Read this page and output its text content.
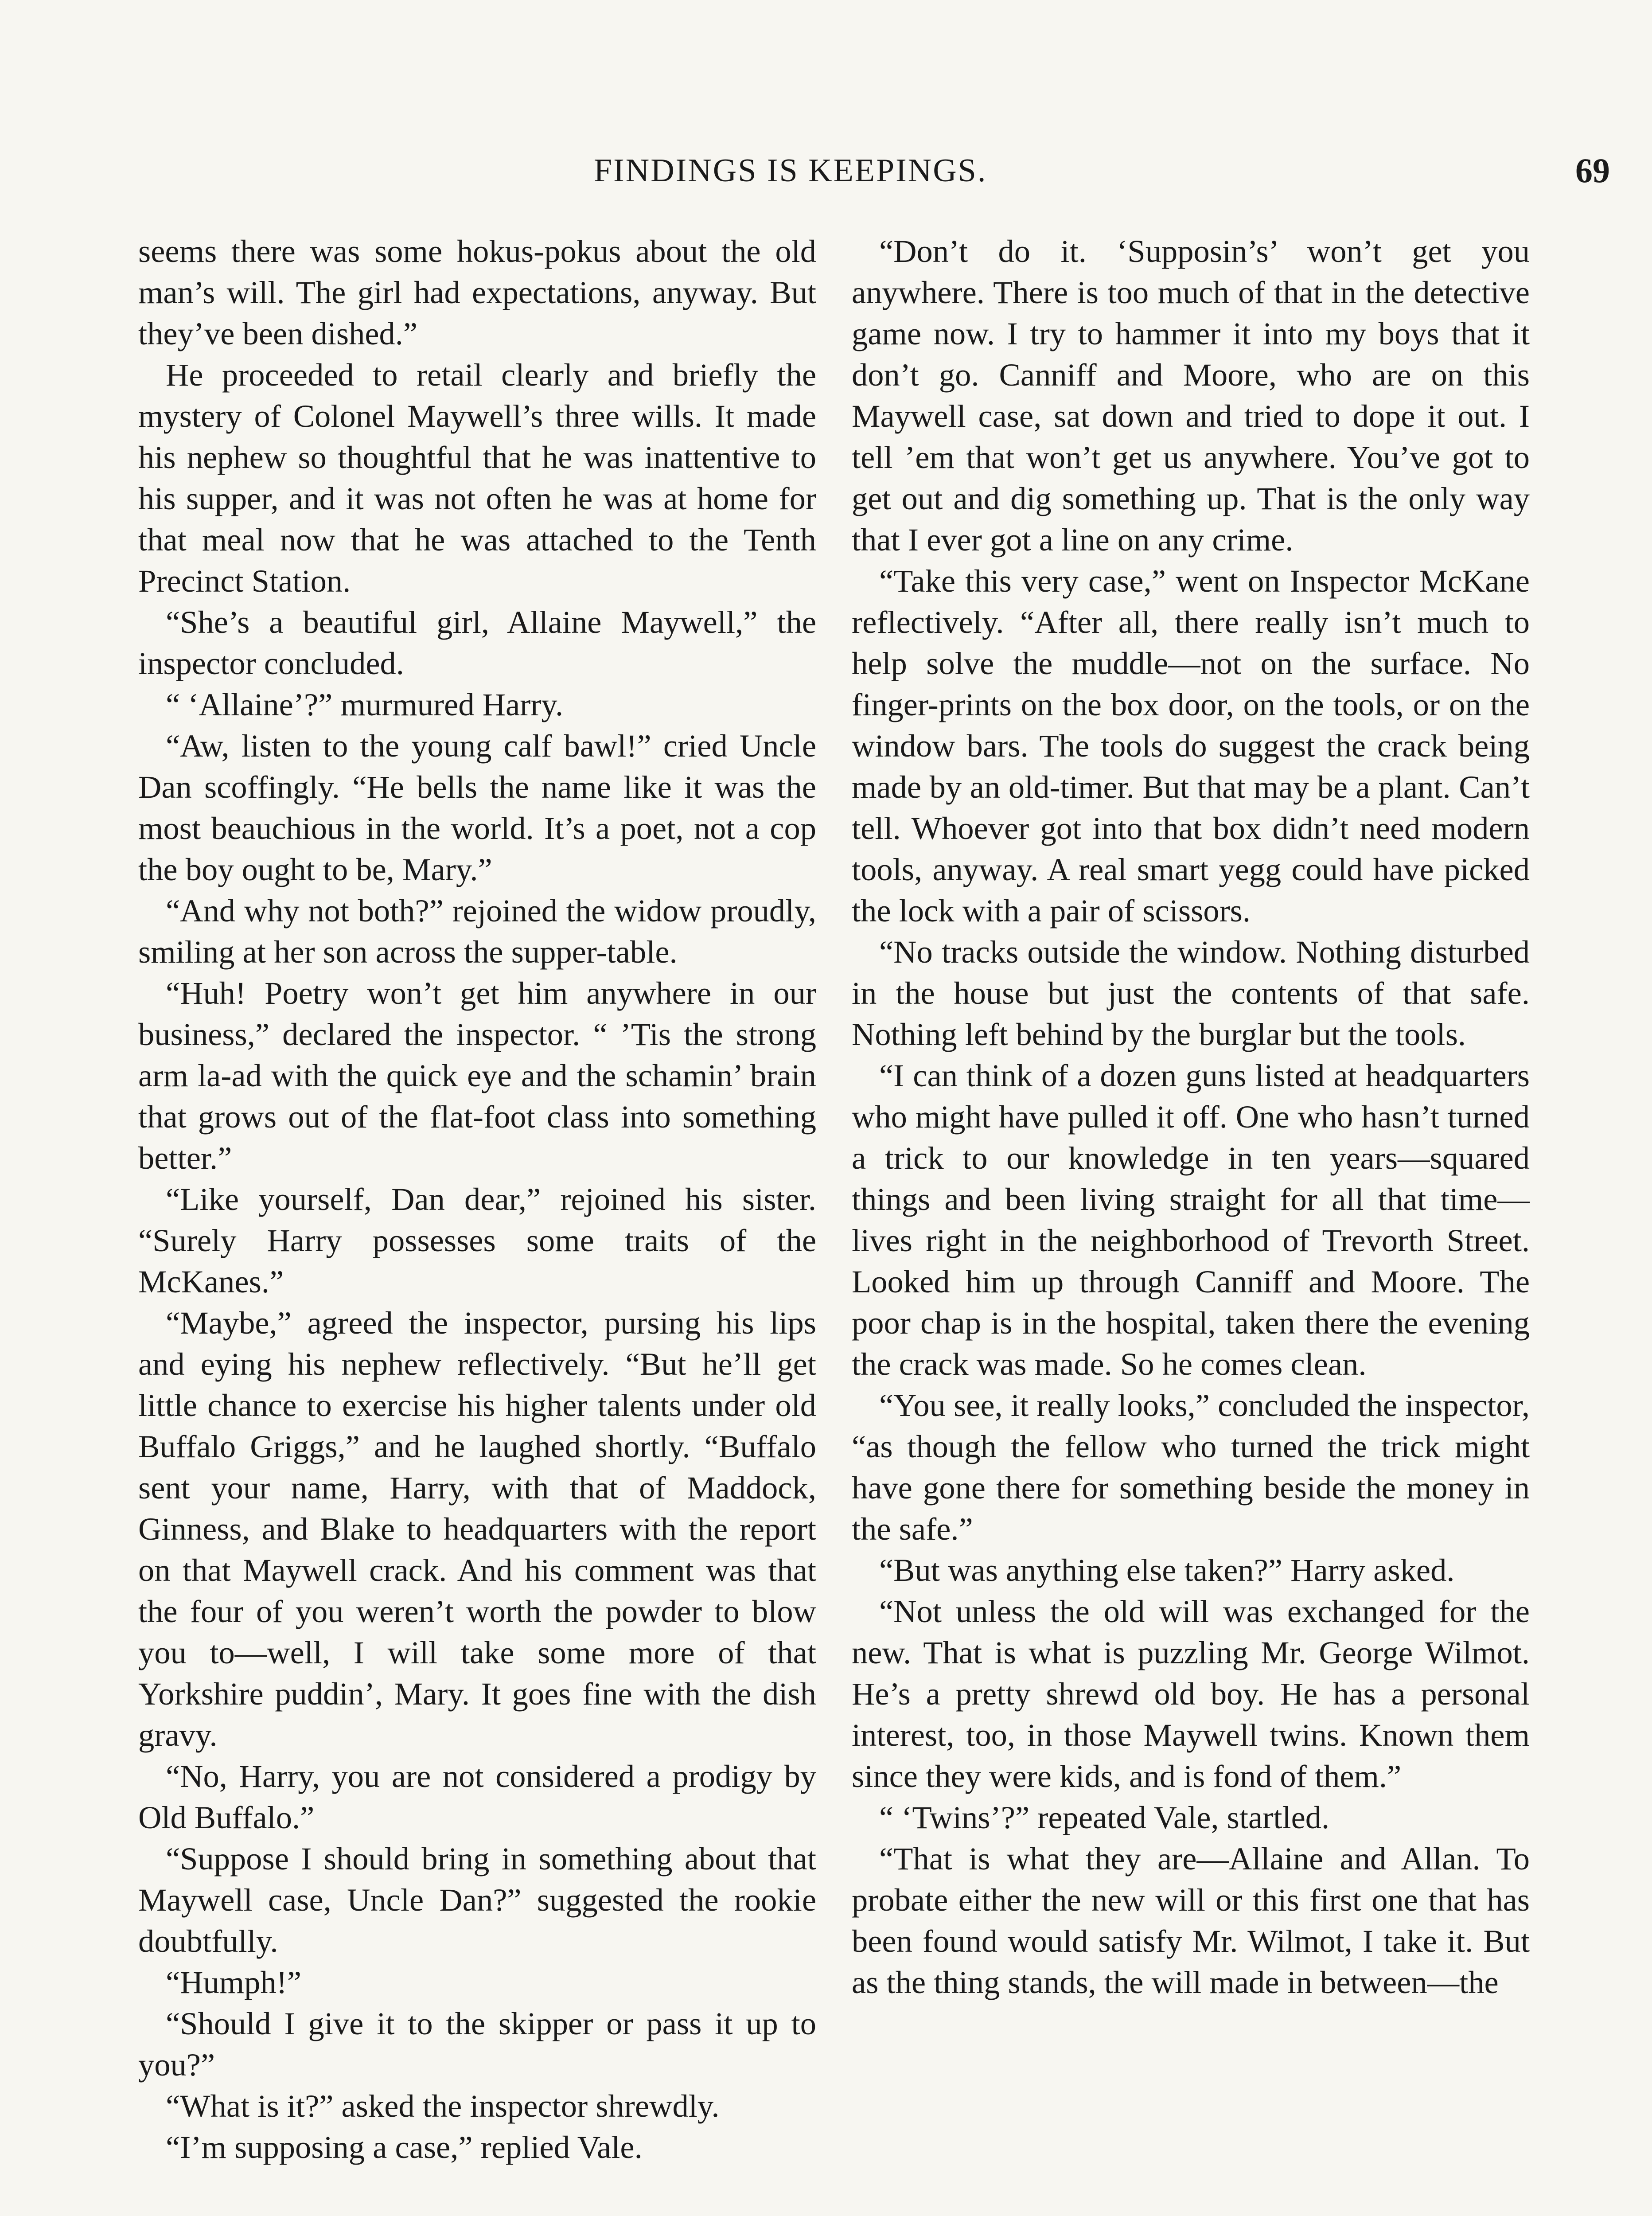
FINDINGS IS KEEPINGS.	69

seems there was some hokus-pokus about the old man’s will. The girl had expectations, anyway. But they’ve been dished.”

He proceeded to retail clearly and briefly the mystery of Colonel Maywell’s three wills. It made his nephew so thoughtful that he was inattentive to his supper, and it was not often he was at home for that meal now that he was attached to the Tenth Precinct Station.

“She’s a beautiful girl, Allaine Maywell,” the inspector concluded.

“ ‘Allaine’?” murmured Harry.

“Aw, listen to the young calf bawl!” cried Uncle Dan scoffingly. “He bells the name like it was the most beauchious in the world. It’s a poet, not a cop the boy ought to be, Mary.”

“And why not both?” rejoined the widow proudly, smiling at her son across the supper-table.

“Huh! Poetry won’t get him anywhere in our business,” declared the inspector. “ ’Tis the strong arm la-ad with the quick eye and the schamin’ brain that grows out of the flat-foot class into something better.”

“Like yourself, Dan dear,” rejoined his sister. “Surely Harry possesses some traits of the McKanes.”

“Maybe,” agreed the inspector, pursing his lips and eying his nephew reflectively. “But he’ll get little chance to exercise his higher talents under old Buffalo Griggs,” and he laughed shortly. “Buffalo sent your name, Harry, with that of Maddock, Ginness, and Blake to headquarters with the report on that Maywell crack. And his comment was that the four of you weren’t worth the powder to blow you to—well, I will take some more of that Yorkshire puddin’, Mary. It goes fine with the dish gravy.

“No, Harry, you are not considered a prodigy by Old Buffalo.”

“Suppose I should bring in something about that Maywell case, Uncle Dan?” suggested the rookie doubtfully.

“Humph!”

“Should I give it to the skipper or pass it up to you?”

“What is it?” asked the inspector shrewdly.

“I’m supposing a case,” replied Vale.

“Don’t do it. ‘Supposin’s’ won’t get you anywhere. There is too much of that in the detective game now. I try to hammer it into my boys that it don’t go. Canniff and Moore, who are on this Maywell case, sat down and tried to dope it out. I tell ’em that won’t get us anywhere. You’ve got to get out and dig something up. That is the only way that I ever got a line on any crime.

“Take this very case,” went on Inspector McKane reflectively. “After all, there really isn’t much to help solve the muddle—not on the surface. No finger-prints on the box door, on the tools, or on the window bars. The tools do suggest the crack being made by an old-timer. But that may be a plant. Can’t tell. Whoever got into that box didn’t need modern tools, anyway. A real smart yegg could have picked the lock with a pair of scissors.

“No tracks outside the window. Nothing disturbed in the house but just the contents of that safe. Nothing left behind by the burglar but the tools.

“I can think of a dozen guns listed at headquarters who might have pulled it off. One who hasn’t turned a trick to our knowledge in ten years—squared things and been living straight for all that time—lives right in the neighborhood of Trevorth Street. Looked him up through Canniff and Moore. The poor chap is in the hospital, taken there the evening the crack was made. So he comes clean.

“You see, it really looks,” concluded the inspector, “as though the fellow who turned the trick might have gone there for something beside the money in the safe.”

“But was anything else taken?” Harry asked.

“Not unless the old will was exchanged for the new. That is what is puzzling Mr. George Wilmot. He’s a pretty shrewd old boy. He has a personal interest, too, in those Maywell twins. Known them since they were kids, and is fond of them.”

“ ‘Twins’?” repeated Vale, startled.

“That is what they are—Allaine and Allan. To probate either the new will or this first one that has been found would satisfy Mr. Wilmot, I take it. But as the thing stands, the will made in between—the
